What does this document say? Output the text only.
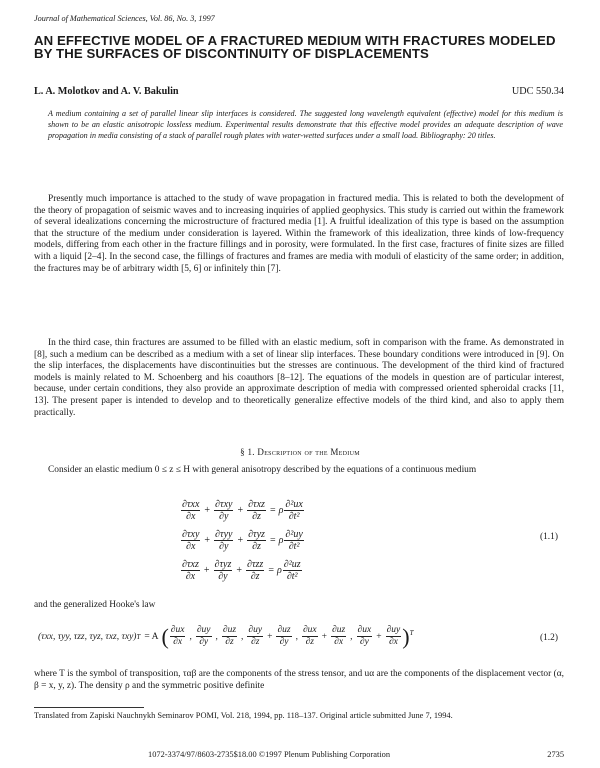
Journal of Mathematical Sciences, Vol. 86, No. 3, 1997
AN EFFECTIVE MODEL OF A FRACTURED MEDIUM WITH FRACTURES MODELED BY THE SURFACES OF DISCONTINUITY OF DISPLACEMENTS
L. A. Molotkov and A. V. Bakulin	UDC 550.34
A medium containing a set of parallel linear slip interfaces is considered. The suggested long wavelength equivalent (effective) model for this medium is shown to be an elastic anisotropic lossless medium. Experimental results demonstrate that this effective model provides an adequate description of wave propagation in media consisting of a stack of parallel rough plates with water-wetted surfaces under a small load. Bibliography: 20 titles.
Presently much importance is attached to the study of wave propagation in fractured media. This is related to both the development of the theory of propagation of seismic waves and to increasing inquiries of applied geophysics. This study is carried out within the framework of several idealizations concerning the microstructure of fractured media [1]. A fruitful idealization of this type is based on the assumption that the structure of the medium under consideration is layered. Within the framework of this idealization, three kinds of low-frequency models, differing from each other in the fracture fillings and in porosity, were formulated. In the first case, fractures of finite sizes are filled with a liquid [2–4]. In the second case, the fillings of fractures and frames are media with moduli of elasticity of the same order; in addition, the fractures may be of arbitrary width [5, 6] or infinitely thin [7].
In the third case, thin fractures are assumed to be filled with an elastic medium, soft in comparison with the frame. As demonstrated in [8], such a medium can be described as a medium with a set of linear slip interfaces. These boundary conditions were introduced in [9]. On the slip interfaces, the displacements have discontinuities but the stresses are continuous. The development of the third kind of fractured models is mainly related to M. Schoenberg and his coauthors [8–12]. The equations of the models in question are of particular interest, because, under certain conditions, they also provide an approximate description of media with compressed oriented spheroidal cracks [11, 13]. The present paper is intended to develop and to theoretically generalize effective models of the third kind, and also to apply them practically.
§ 1. Description of the Medium
Consider an elastic medium 0 ≤ z ≤ H with general anisotropy described by the equations of a continuous medium
$\frac{\text{∂τxx}}{\partial x} + \frac{\text{∂τxy}}{\partial y} + \frac{\text{∂τxz}}{\partial z} = \rho \frac{\text{∂²ux}}{\text{∂t²}}$
$\frac{\text{∂τxy}}{\partial x} + \frac{\text{∂τyy}}{\partial y} + \frac{\text{∂τyz}}{\partial z} = \rho \frac{\text{∂²uy}}{\text{∂t²}}$
$\frac{\text{∂τxz}}{\partial x} + \frac{\text{∂τyz}}{\partial y} + \frac{\text{∂τzz}}{\partial z} = \rho \frac{\text{∂²uz}}{\text{∂t²}}$
(1.1)
and the generalized Hooke's law
(τxx, τyy, τzz, τyz, τxz, τxy) T = A ( $\frac{\partial ux}{\partial x}$ , $\frac{\partial uy}{\partial y}$ , $\frac{\partial uz}{\partial z}$ , $\frac{\partial uy}{\partial z} + \frac{\partial uz}{\partial y}$ , $\frac{\partial ux}{\partial z} + \frac{\partial uz}{\partial x}$ , $\frac{\partial ux}{\partial y} + \frac{\partial uy}{\partial x} )^T$	(1.2)
where T is the symbol of transposition, ταβ are the components of the stress tensor, and uα are the components of the displacement vector (α, β = x, y, z). The density ρ and the symmetric positive definite
Translated from Zapiski Nauchnykh Seminarov POMI, Vol. 218, 1994, pp. 118–137. Original article submitted June 7, 1994.
1072-3374/97/8603-2735$18.00 ©1997 Plenum Publishing Corporation	2735
